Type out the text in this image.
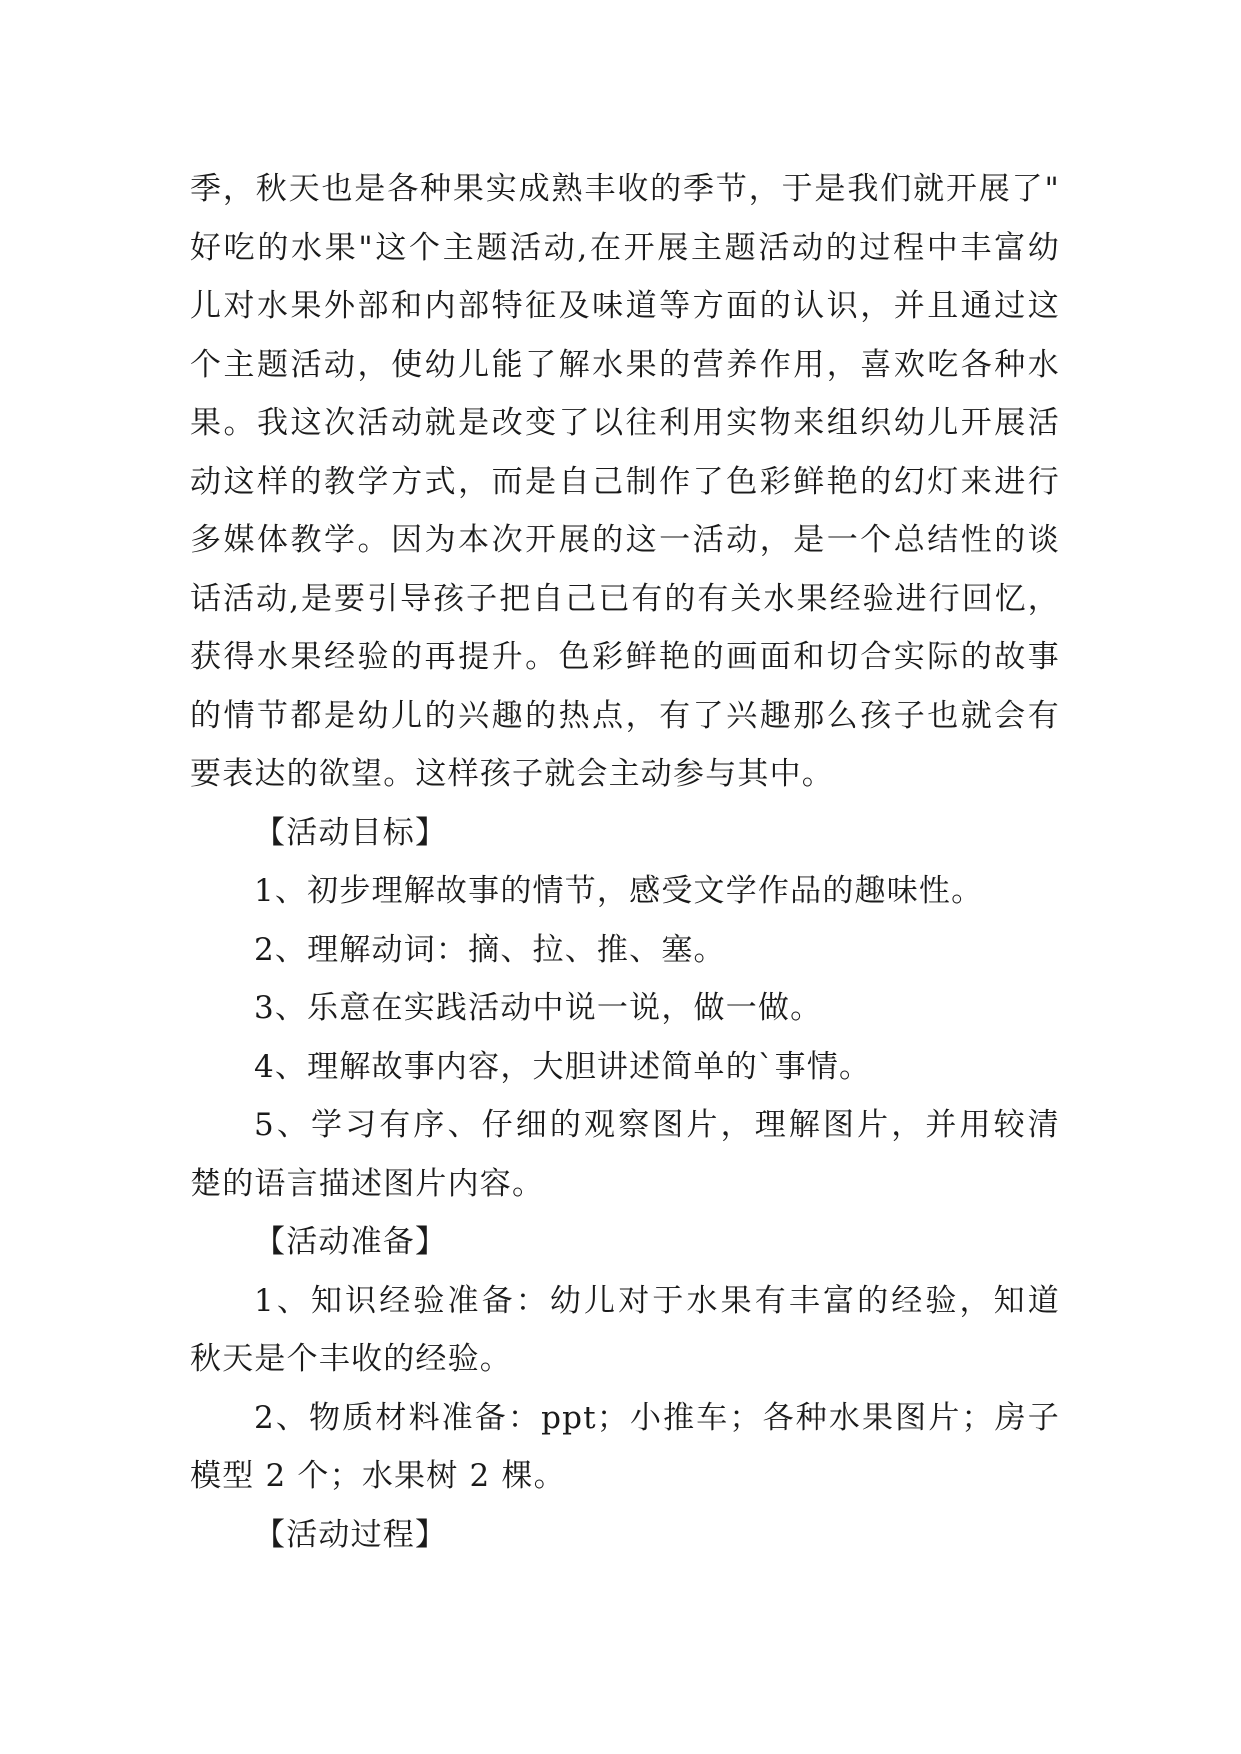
季，秋天也是各种果实成熟丰收的季节，于是我们就开展了"
好吃的水果"这个主题活动,在开展主题活动的过程中丰富幼
儿对水果外部和内部特征及味道等方面的认识，并且通过这
个主题活动，使幼儿能了解水果的营养作用，喜欢吃各种水
果。我这次活动就是改变了以往利用实物来组织幼儿开展活
动这样的教学方式，而是自己制作了色彩鲜艳的幻灯来进行
多媒体教学。因为本次开展的这一活动，是一个总结性的谈
话活动,是要引导孩子把自己已有的有关水果经验进行回忆，
获得水果经验的再提升。色彩鲜艳的画面和切合实际的故事
的情节都是幼儿的兴趣的热点，有了兴趣那么孩子也就会有
要表达的欲望。这样孩子就会主动参与其中。
【活动目标】
1、初步理解故事的情节，感受文学作品的趣味性。
2、理解动词：摘、拉、推、塞。
3、乐意在实践活动中说一说，做一做。
4、理解故事内容，大胆讲述简单的`事情。
5、学习有序、仔细的观察图片，理解图片，并用较清
楚的语言描述图片内容。
【活动准备】
1、知识经验准备：幼儿对于水果有丰富的经验，知道
秋天是个丰收的经验。
2、物质材料准备：ppt；小推车；各种水果图片；房子
模型 2 个；水果树 2 棵。
【活动过程】
